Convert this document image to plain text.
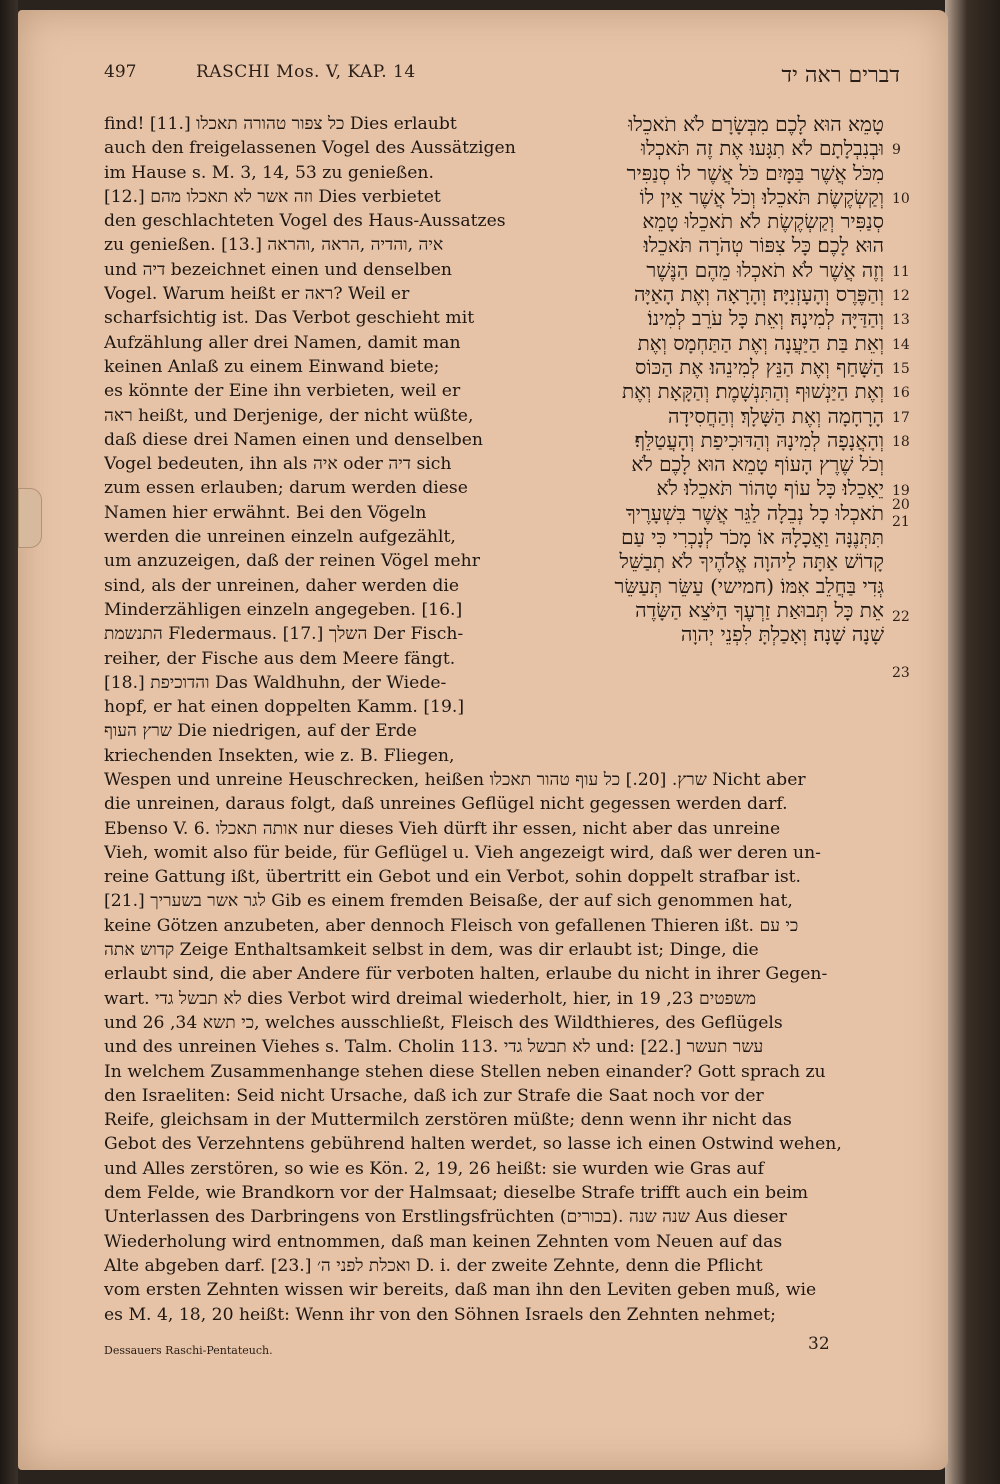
497	RASCHI Mos. V, KAP. 14	דברים ראה יד
find! [11.] כל צפור טהורה תאכלו Dies erlaubt
auch den freigelassenen Vogel des Aussätzigen
im Hause s. M. 3, 14, 53 zu genießen.
[12.] וזה אשר לא תאכלו מהם Dies verbietet
den geschlachteten Vogel des Haus-Aussatzes
zu genießen. [13.] איה ,והדיה ,הראה ,והראה
und דיה bezeichnet einen und denselben
Vogel. Warum heißt er ראה? Weil er
scharfsichtig ist. Das Verbot geschieht mit
Aufzählung aller drei Namen, damit man
keinen Anlaß zu einem Einwand biete;
es könnte der Eine ihn verbieten, weil er
ראה heißt, und Derjenige, der nicht wüßte,
daß diese drei Namen einen und denselben
Vogel bedeuten, ihn als איה oder דיה sich
zum essen erlauben; darum werden diese
Namen hier erwähnt. Bei den Vögeln
werden die unreinen einzeln aufgezählt,
um anzuzeigen, daß der reinen Vögel mehr
sind, als der unreinen, daher werden die
Minderzähligen einzeln angegeben. [16.]
התנשמת Fledermaus. [17.] השלך Der Fisch-
reiher, der Fische aus dem Meere fängt.
[18.] והדוכיפת Das Waldhuhn, der Wiede-
hopf, er hat einen doppelten Kamm. [19.]
שרץ העוף Die niedrigen, auf der Erde
kriechenden Insekten, wie z. B. Fliegen,
טָמֵא הוּא לָכֶם מִבְּשָׂרָם לֹא תֹאכֵלוּ
וּבְנִבְלָתָם לֹא תִגָּעוּ׃ אֶת זֶה תֹּאכְלוּ
מִכֹּל אֲשֶׁר בַּמָּיִם כֹּל אֲשֶׁר לוֹ סְנַפִּיר
וְקַשְׂקֶשֶׂת תֹּאכֵלוּ׃ וְכֹל אֲשֶׁר אֵין לוֹ
סְנַפִּיר וְקַשְׂקֶשֶׂת לֹא תֹאכֵלוּ טָמֵא
הוּא לָכֶם׃ כָּל צִפּוֹר טְהֹרָה תֹּאכֵלוּ׃
וְזֶה אֲשֶׁר לֹא תֹאכְלוּ מֵהֶם הַנֶּשֶׁר
וְהַפֶּרֶס וְהָעָזְנִיָּה׃ וְהָרָאָה וְאֶת הָאַיָּה
וְהַדַּיָּה לְמִינָהּ׃ וְאֵת כָּל עֹרֵב לְמִינוֹ׃
וְאֵת בַּת הַיַּעֲנָה וְאֶת הַתַּחְמָס וְאֶת
הַשָּׁחַף וְאֶת הַנֵּץ לְמִינֵהוּ׃ אֶת הַכּוֹס
וְאֶת הַיַּנְשׁוּף וְהַתִּנְשָׁמֶת׃ וְהַקָּאָת וְאֶת
הָרָחָמָה וְאֶת הַשָּׁלָךְ׃ וְהַחֲסִידָה
וְהָאֲנָפָה לְמִינָהּ וְהַדּוּכִיפַת וְהָעֲטַלֵּף׃
וְכֹל שֶׁרֶץ הָעוֹף טָמֵא הוּא לָכֶם לֹא
יֵאָכֵלוּ׃ כָּל עוֹף טָהוֹר תֹּאכֵלוּ׃ לֹא
תֹאכְלוּ כָל נְבֵלָה לַגֵּר אֲשֶׁר בִּשְׁעָרֶיךָ
תִּתְּנֶנָּה וַאֲכָלָהּ אוֹ מָכֹר לְנָכְרִי כִּי עַם
קָדוֹשׁ אַתָּה לַיהוָה אֱלֹהֶיךָ לֹא תְבַשֵּׁל
גְּדִי בַּחֲלֵב אִמּוֹ׃ (חמישי) עַשֵּׂר תְּעַשֵּׂר
אֵת כָּל תְּבוּאַת זַרְעֶךָ הַיֹּצֵא הַשָּׂדֶה
שָׁנָה שָׁנָה׃ וְאָכַלְתָּ לִפְנֵי יְהוָה
9
10
11
12
13
14
15
16
17
18
19
20
21
22
23
Wespen und unreine Heuschrecken, heißen שרץ. [20.] כל עוף טהור תאכלו Nicht aber
die unreinen, daraus folgt, daß unreines Geflügel nicht gegessen werden darf.
Ebenso V. 6. אותה תאכלו nur dieses Vieh dürft ihr essen, nicht aber das unreine
Vieh, womit also für beide, für Geflügel u. Vieh angezeigt wird, daß wer deren un-
reine Gattung ißt, übertritt ein Gebot und ein Verbot, sohin doppelt strafbar ist.
[21.] לגר אשר בשעריך Gib es einem fremden Beisaße, der auf sich genommen hat,
keine Götzen anzubeten, aber dennoch Fleisch von gefallenen Thieren ißt. כי עם
קדוש אתה Zeige Enthaltsamkeit selbst in dem, was dir erlaubt ist; Dinge, die
erlaubt sind, die aber Andere für verboten halten, erlaube du nicht in ihrer Gegen-
wart. לא תבשל גדי dies Verbot wird dreimal wiederholt, hier, in משפטים 23, 19
und כי תשא 34, 26, welches ausschließt, Fleisch des Wildthieres, des Geflügels
und des unreinen Viehes s. Talm. Cholin 113. לא תבשל גדי und: [22.] עשר תעשר
In welchem Zusammenhange stehen diese Stellen neben einander? Gott sprach zu
den Israeliten: Seid nicht Ursache, daß ich zur Strafe die Saat noch vor der
Reife, gleichsam in der Muttermilch zerstören müßte; denn wenn ihr nicht das
Gebot des Verzehntens gebührend halten werdet, so lasse ich einen Ostwind wehen,
und Alles zerstören, so wie es Kön. 2, 19, 26 heißt: sie wurden wie Gras auf
dem Felde, wie Brandkorn vor der Halmsaat; dieselbe Strafe trifft auch ein beim
Unterlassen des Darbringens von Erstlingsfrüchten (בכורים). שנה שנה Aus dieser
Wiederholung wird entnommen, daß man keinen Zehnten vom Neuen auf das
Alte abgeben darf. [23.] ואכלת לפני ה׳ D. i. der zweite Zehnte, denn die Pflicht
vom ersten Zehnten wissen wir bereits, daß man ihn den Leviten geben muß, wie
es M. 4, 18, 20 heißt: Wenn ihr von den Söhnen Israels den Zehnten nehmet;
Dessauers Raschi-Pentateuch.	32
